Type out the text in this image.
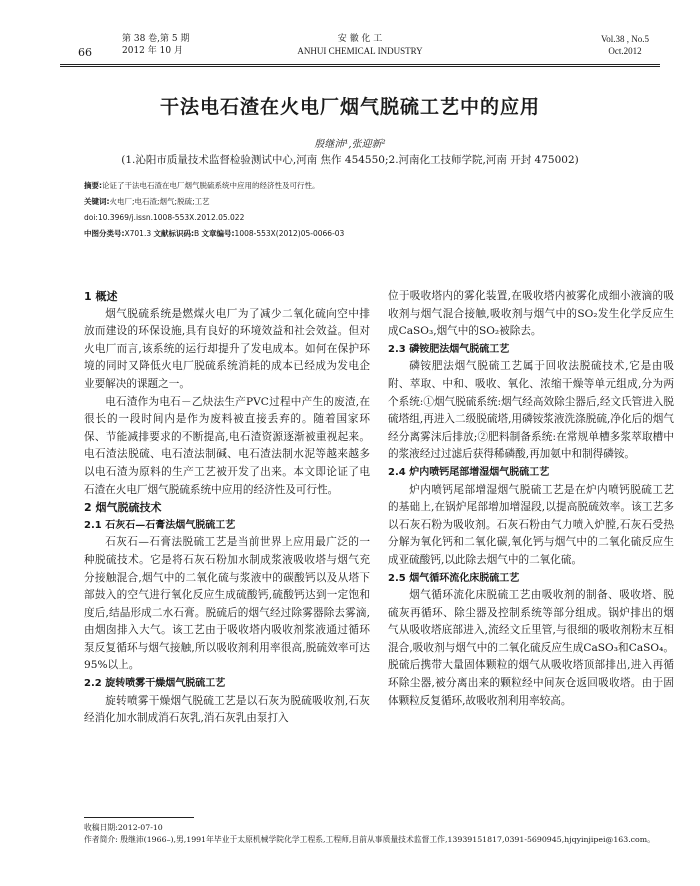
66
第 38 卷,第 5 期
2012 年 10 月
安 徽 化 工
ANHUI CHEMICAL INDUSTRY
Vol.38 , No.5
Oct.2012
干法电石渣在火电厂烟气脱硫工艺中的应用
殷继沛¹,张迎新²
(1.沁阳市质量技术监督检验测试中心,河南 焦作 454550;2.河南化工技师学院,河南 开封 475002)
摘要:论证了干法电石渣在电厂烟气脱硫系统中应用的经济性及可行性。
关键词:火电厂;电石渣;烟气;脱硫;工艺
doi:10.3969/j.issn.1008-553X.2012.05.022
中图分类号:X701.3 文献标识码:B 文章编号:1008-553X(2012)05-0066-03
1 概述

烟气脱硫系统是燃煤火电厂为了减少二氧化硫向空中排放而建设的环保设施,具有良好的环境效益和社会效益。但对火电厂而言,该系统的运行却提升了发电成本。如何在保护环境的同时又降低火电厂脱硫系统消耗的成本已经成为发电企业要解决的课题之一。

电石渣作为电石－乙炔法生产PVC过程中产生的废渣,在很长的一段时间内是作为废料被直接丢弃的。随着国家环保、节能减排要求的不断提高,电石渣资源逐渐被重视起来。电石渣法脱硫、电石渣法制碱、电石渣法制水泥等越来越多以电石渣为原料的生产工艺被开发了出来。本文即论证了电石渣在火电厂烟气脱硫系统中应用的经济性及可行性。

2 烟气脱硫技术
2.1 石灰石—石膏法烟气脱硫工艺

石灰石—石膏法脱硫工艺是当前世界上应用最广泛的一种脱硫技术。它是将石灰石粉加水制成浆液吸收塔与烟气充分接触混合,烟气中的二氧化硫与浆液中的碳酸钙以及从塔下部鼓入的空气进行氧化反应生成硫酸钙,硫酸钙达到一定饱和度后,结晶形成二水石膏。脱硫后的烟气经过除雾器除去雾滴,由烟囱排入大气。该工艺由于吸收塔内吸收剂浆液通过循环泵反复循环与烟气接触,所以吸收剂利用率很高,脱硫效率可达95%以上。

2.2 旋转喷雾干燥烟气脱硫工艺

旋转喷雾干燥烟气脱硫工艺是以石灰为脱硫吸收剂,石灰经消化加水制成消石灰乳,消石灰乳由泵打入

位于吸收塔内的雾化装置,在吸收塔内被雾化成细小液滴的吸收剂与烟气混合接触,吸收剂与烟气中的SO₂发生化学反应生成CaSO₃,烟气中的SO₂被除去。

2.3 磷铵肥法烟气脱硫工艺

磷铵肥法烟气脱硫工艺属于回收法脱硫技术,它是由吸附、萃取、中和、吸收、氧化、浓缩干燥等单元组成,分为两个系统:①烟气脱硫系统:烟气经高效除尘器后,经文氏管进入脱硫塔组,再进入二级脱硫塔,用磷铵浆液洗涤脱硫,净化后的烟气经分离雾沫后排放;②肥料制备系统:在常规单槽多浆萃取槽中的浆液经过过滤后获得稀磷酸,再加氨中和制得磷铵。

2.4 炉内喷钙尾部增湿烟气脱硫工艺

炉内喷钙尾部增湿烟气脱硫工艺是在炉内喷钙脱硫工艺的基础上,在锅炉尾部增加增湿段,以提高脱硫效率。该工艺多以石灰石粉为吸收剂。石灰石粉由气力喷入炉膛,石灰石受热分解为氧化钙和二氧化碳,氧化钙与烟气中的二氧化硫反应生成亚硫酸钙,以此除去烟气中的二氧化硫。

2.5 烟气循环流化床脱硫工艺

烟气循环流化床脱硫工艺由吸收剂的制备、吸收塔、脱硫灰再循环、除尘器及控制系统等部分组成。锅炉排出的烟气从吸收塔底部进入,流经文丘里管,与很细的吸收剂粉末互相混合,吸收剂与烟气中的二氧化硫反应生成CaSO₃和CaSO₄。脱硫后携带大量固体颗粒的烟气从吸收塔顶部排出,进入再循环除尘器,被分离出来的颗粒经中间灰仓返回吸收塔。由于固体颗粒反复循环,故吸收剂利用率较高。

收稿日期:2012-07-10
作者简介: 殷继沛(1966–),男,1991年毕业于太原机械学院化学工程系,工程师,目前从事质量技术监督工作,13939151817,0391-5690945,hjqyinjipei@163.com。
